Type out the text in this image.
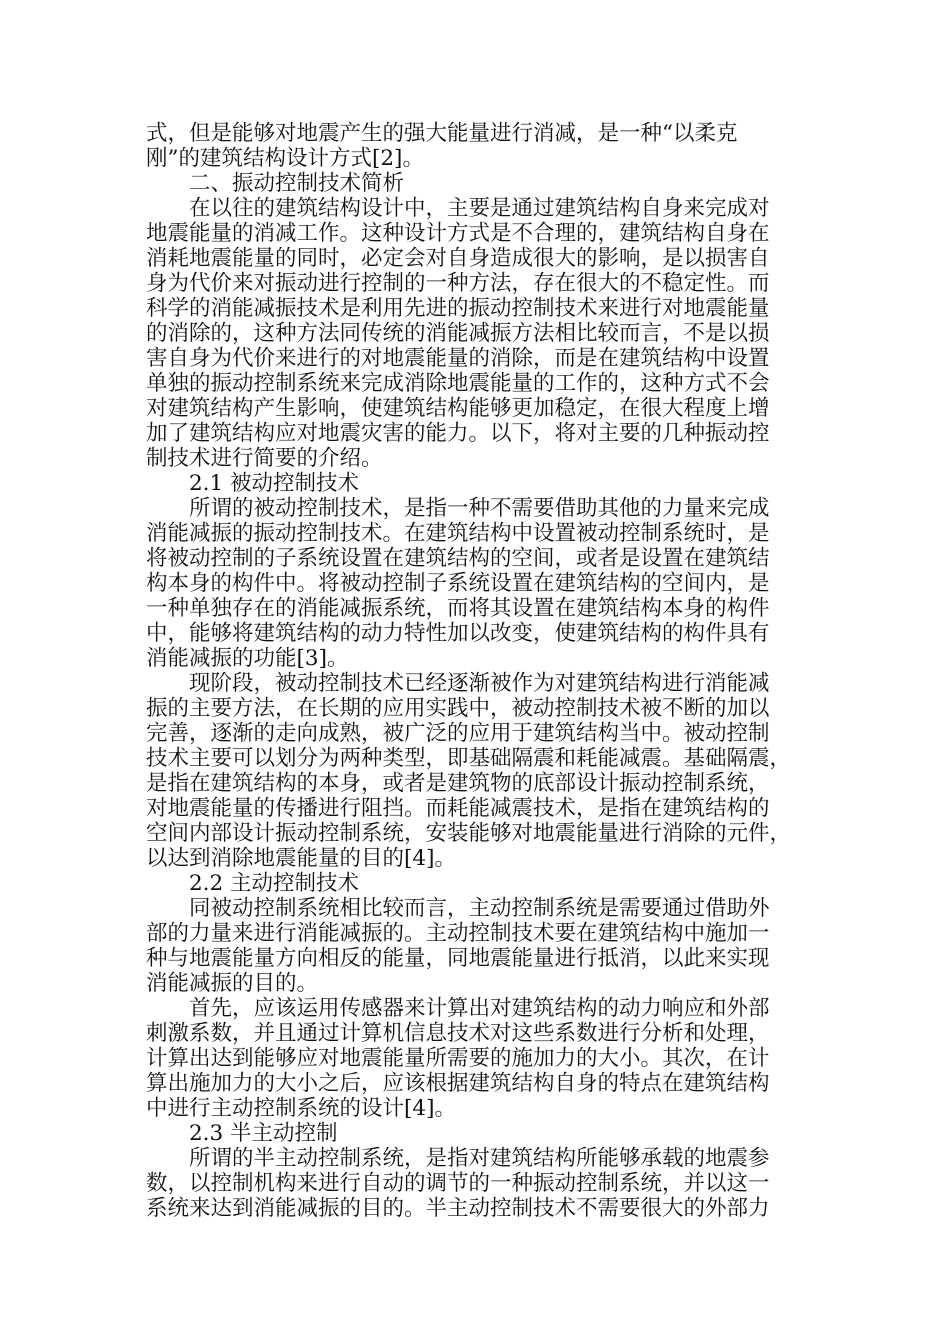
式，但是能够对地震产生的强大能量进行消减，是一种“以柔克
刚”的建筑结构设计方式[2]。
二、振动控制技术简析
在以往的建筑结构设计中，主要是通过建筑结构自身来完成对
地震能量的消减工作。这种设计方式是不合理的，建筑结构自身在
消耗地震能量的同时，必定会对自身造成很大的影响，是以损害自
身为代价来对振动进行控制的一种方法，存在很大的不稳定性。而
科学的消能减振技术是利用先进的振动控制技术来进行对地震能量
的消除的，这种方法同传统的消能减振方法相比较而言，不是以损
害自身为代价来进行的对地震能量的消除，而是在建筑结构中设置
单独的振动控制系统来完成消除地震能量的工作的，这种方式不会
对建筑结构产生影响，使建筑结构能够更加稳定，在很大程度上增
加了建筑结构应对地震灾害的能力。以下，将对主要的几种振动控
制技术进行简要的介绍。
2.1 被动控制技术
所谓的被动控制技术，是指一种不需要借助其他的力量来完成
消能减振的振动控制技术。在建筑结构中设置被动控制系统时，是
将被动控制的子系统设置在建筑结构的空间，或者是设置在建筑结
构本身的构件中。将被动控制子系统设置在建筑结构的空间内，是
一种单独存在的消能减振系统，而将其设置在建筑结构本身的构件
中，能够将建筑结构的动力特性加以改变，使建筑结构的构件具有
消能减振的功能[3]。
现阶段，被动控制技术已经逐渐被作为对建筑结构进行消能减
振的主要方法，在长期的应用实践中，被动控制技术被不断的加以
完善，逐渐的走向成熟，被广泛的应用于建筑结构当中。被动控制
技术主要可以划分为两种类型，即基础隔震和耗能减震。基础隔震，
是指在建筑结构的本身，或者是建筑物的底部设计振动控制系统，
对地震能量的传播进行阻挡。而耗能减震技术，是指在建筑结构的
空间内部设计振动控制系统，安装能够对地震能量进行消除的元件，
以达到消除地震能量的目的[4]。
2.2 主动控制技术
同被动控制系统相比较而言，主动控制系统是需要通过借助外
部的力量来进行消能减振的。主动控制技术要在建筑结构中施加一
种与地震能量方向相反的能量，同地震能量进行抵消，以此来实现
消能减振的目的。
首先，应该运用传感器来计算出对建筑结构的动力响应和外部
刺激系数，并且通过计算机信息技术对这些系数进行分析和处理，
计算出达到能够应对地震能量所需要的施加力的大小。其次，在计
算出施加力的大小之后，应该根据建筑结构自身的特点在建筑结构
中进行主动控制系统的设计[4]。
2.3 半主动控制
所谓的半主动控制系统，是指对建筑结构所能够承载的地震参
数，以控制机构来进行自动的调节的一种振动控制系统，并以这一
系统来达到消能减振的目的。半主动控制技术不需要很大的外部力
